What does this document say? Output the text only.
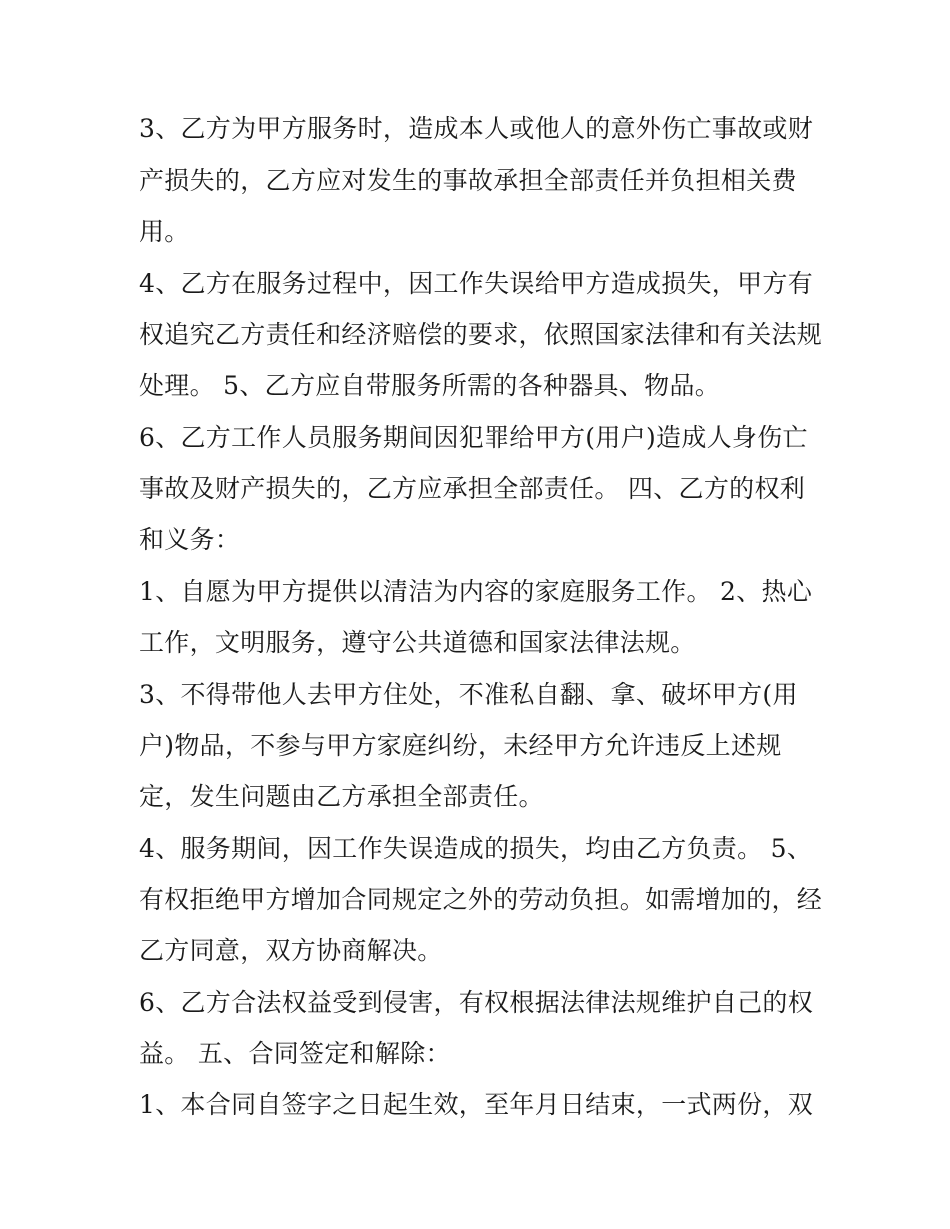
3、乙方为甲方服务时，造成本人或他人的意外伤亡事故或财
产损失的，乙方应对发生的事故承担全部责任并负担相关费
用。
4、乙方在服务过程中，因工作失误给甲方造成损失，甲方有
权追究乙方责任和经济赔偿的要求，依照国家法律和有关法规
处理。 5、乙方应自带服务所需的各种器具、物品。
6、乙方工作人员服务期间因犯罪给甲方(用户)造成人身伤亡
事故及财产损失的，乙方应承担全部责任。 四、乙方的权利
和义务：
1、自愿为甲方提供以清洁为内容的家庭服务工作。 2、热心
工作，文明服务，遵守公共道德和国家法律法规。
3、不得带他人去甲方住处，不准私自翻、拿、破坏甲方(用
户)物品，不参与甲方家庭纠纷，未经甲方允许违反上述规
定，发生问题由乙方承担全部责任。
4、服务期间，因工作失误造成的损失，均由乙方负责。 5、
有权拒绝甲方增加合同规定之外的劳动负担。如需增加的，经
乙方同意，双方协商解决。
6、乙方合法权益受到侵害，有权根据法律法规维护自己的权
益。 五、合同签定和解除：
1、本合同自签字之日起生效，至年月日结束，一式两份，双
